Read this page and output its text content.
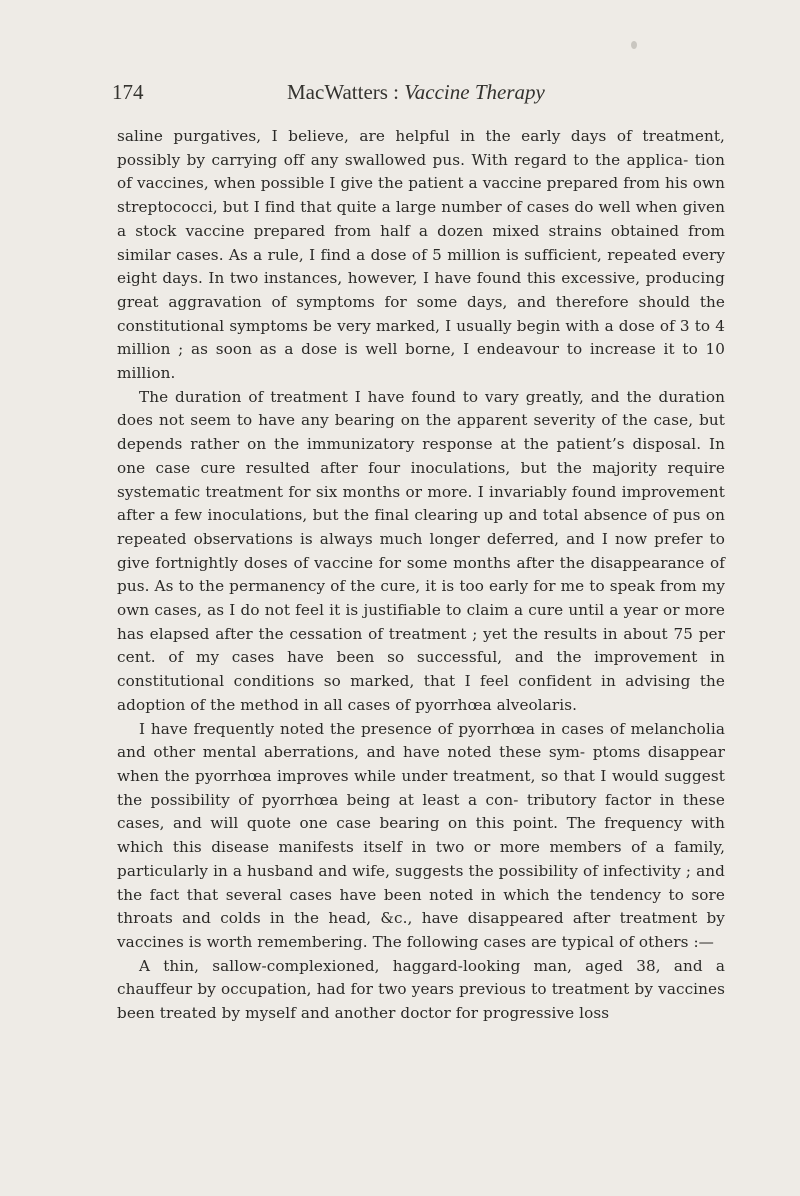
174	MacWatters : Vaccine Therapy

saline purgatives, I believe, are helpful in the early days of treatment, possibly by carrying off any swallowed pus. With regard to the applica- tion of vaccines, when possible I give the patient a vaccine prepared from his own streptococci, but I find that quite a large number of cases do well when given a stock vaccine prepared from half a dozen mixed strains obtained from similar cases. As a rule, I find a dose of 5 million is sufficient, repeated every eight days. In two instances, however, I have found this excessive, producing great aggravation of symptoms for some days, and therefore should the constitutional symptoms be very marked, I usually begin with a dose of 3 to 4 million ; as soon as a dose is well borne, I endeavour to increase it to 10 million.

The duration of treatment I have found to vary greatly, and the duration does not seem to have any bearing on the apparent severity of the case, but depends rather on the immunizatory response at the patient’s disposal. In one case cure resulted after four inoculations, but the majority require systematic treatment for six months or more. I invariably found improvement after a few inoculations, but the final clearing up and total absence of pus on repeated observations is always much longer deferred, and I now prefer to give fortnightly doses of vaccine for some months after the disappearance of pus. As to the permanency of the cure, it is too early for me to speak from my own cases, as I do not feel it is justifiable to claim a cure until a year or more has elapsed after the cessation of treatment ; yet the results in about 75 per cent. of my cases have been so successful, and the improvement in constitutional conditions so marked, that I feel confident in advising the adoption of the method in all cases of pyorrhœa alveolaris.

I have frequently noted the presence of pyorrhœa in cases of melancholia and other mental aberrations, and have noted these sym- ptoms disappear when the pyorrhœa improves while under treatment, so that I would suggest the possibility of pyorrhœa being at least a con- tributory factor in these cases, and will quote one case bearing on this point. The frequency with which this disease manifests itself in two or more members of a family, particularly in a husband and wife, suggests the possibility of infectivity ; and the fact that several cases have been noted in which the tendency to sore throats and colds in the head, &c., have disappeared after treatment by vaccines is worth remembering. The following cases are typical of others :—

A thin, sallow-complexioned, haggard-looking man, aged 38, and a chauffeur by occupation, had for two years previous to treatment by vaccines been treated by myself and another doctor for progressive loss
